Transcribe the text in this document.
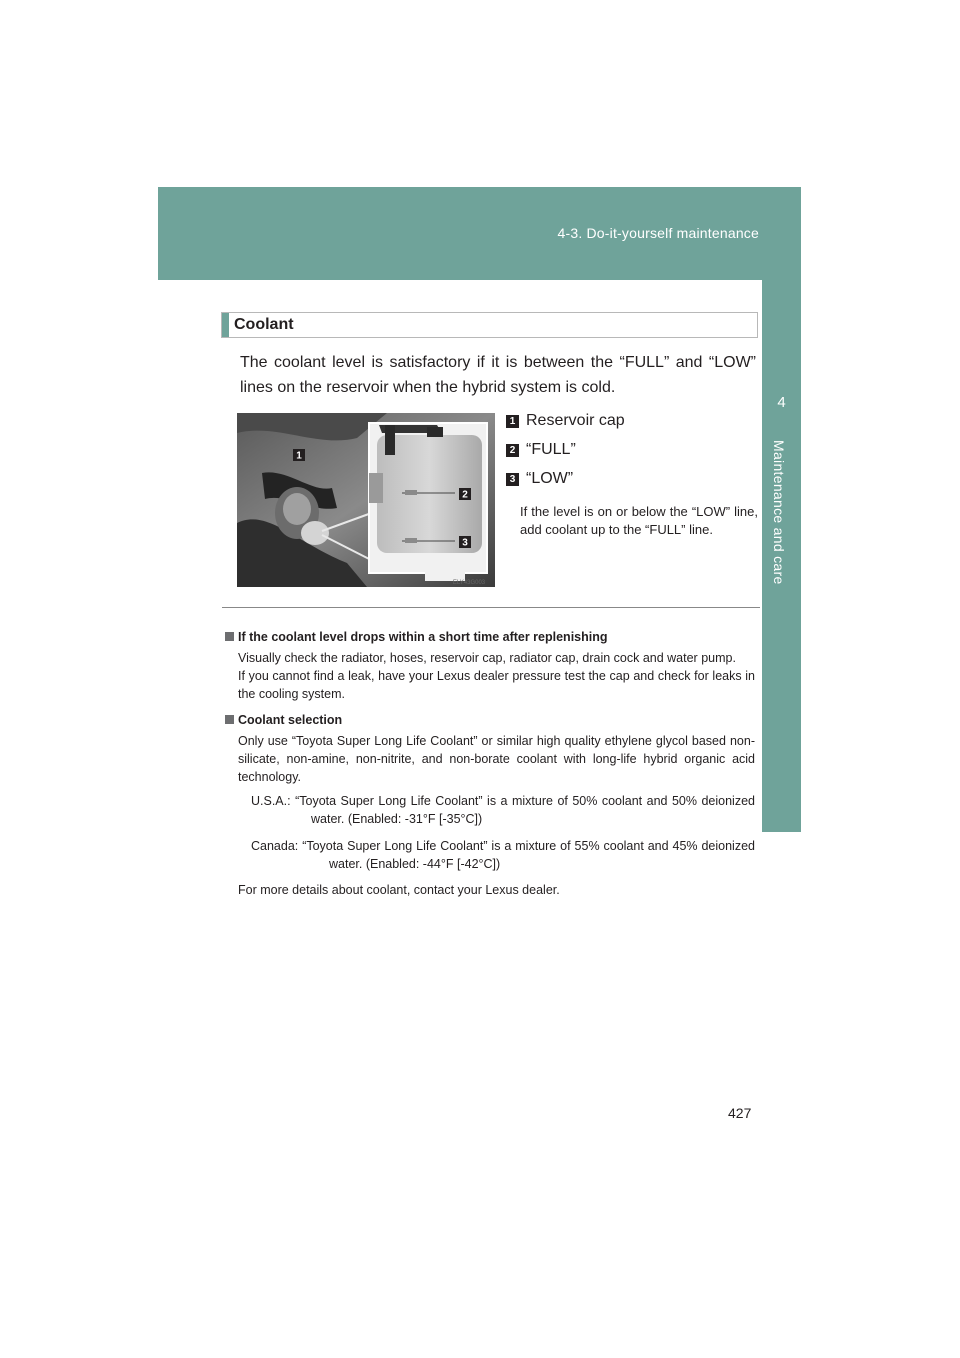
4-3. Do-it-yourself maintenance
4
Maintenance and care
Coolant
The coolant level is satisfactory if it is between the “FULL” and “LOW” lines on the reservoir when the hybrid system is cold.
1
2
3
ELY43G003
1 Reservoir cap
2 “FULL”
3 “LOW”
If the level is on or below the “LOW” line, add coolant up to the “FULL” line.
If the coolant level drops within a short time after replenishing

Visually check the radiator, hoses, reservoir cap, radiator cap, drain cock and water pump.

If you cannot find a leak, have your Lexus dealer pressure test the cap and check for leaks in the cooling system.

Coolant selection

Only use “Toyota Super Long Life Coolant” or similar high quality ethylene glycol based non-silicate, non-amine, non-nitrite, and non-borate coolant with long-life hybrid organic acid technology.

U.S.A.: “Toyota Super Long Life Coolant” is a mixture of 50% coolant and 50% deionized water. (Enabled: -31°F [-35°C])

Canada: “Toyota Super Long Life Coolant” is a mixture of 55% coolant and 45% deionized water. (Enabled: -44°F [-42°C])

For more details about coolant, contact your Lexus dealer.

427
